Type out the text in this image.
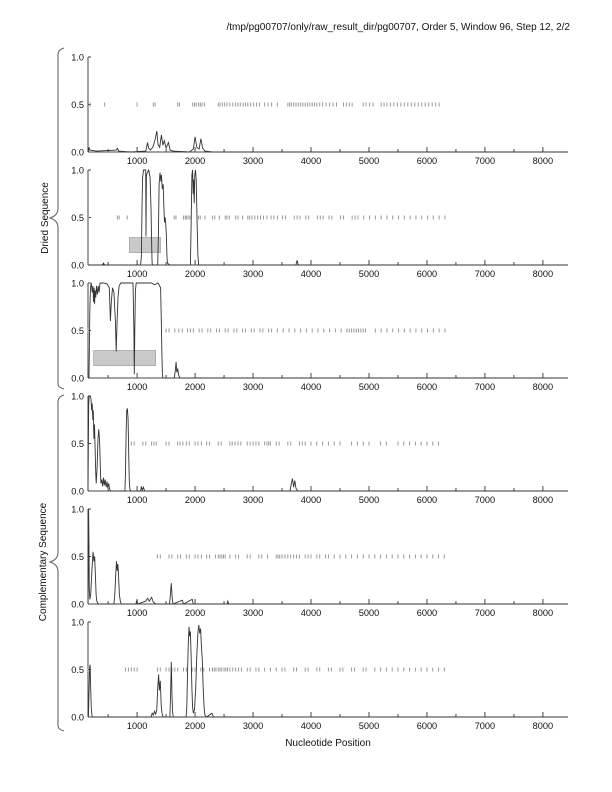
/tmp/pg00707/only/raw_result_dir/pg00707, Order 5, Window 96, Step 12, 2/2
0.0
0.5
1.0
1000	2000	3000	4000	5000	6000	7000	8000
0.0
0.5
1.0
1000	2000	3000	4000	5000	6000	7000	8000
0.0
0.5
1.0
1000	2000	3000	4000	5000	6000	7000	8000
0.0
0.5
1.0
1000	2000	3000	4000	5000	6000	7000	8000
0.0
0.5
1.0
1000	2000	3000	4000	5000	6000	7000	8000
0.0
0.5
1.0
1000	2000	3000	4000	5000	6000	7000	8000
Dried Sequence
Complementary Sequence
Nucleotide Position
